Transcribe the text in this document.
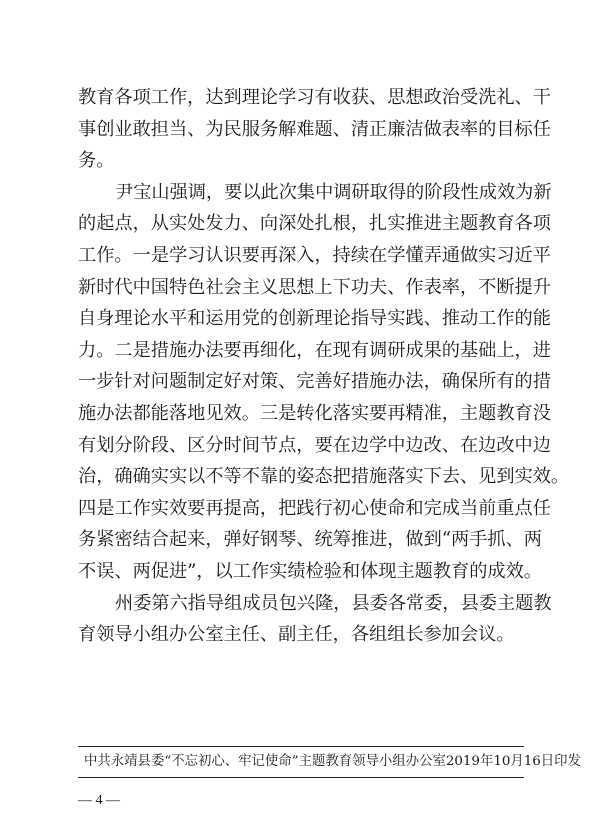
教育各项工作，达到理论学习有收获、思想政治受洗礼、干
事创业敢担当、为民服务解难题、清正廉洁做表率的目标任
务。
尹宝山强调，要以此次集中调研取得的阶段性成效为新
的起点，从实处发力、向深处扎根，扎实推进主题教育各项
工作。一是学习认识要再深入，持续在学懂弄通做实习近平
新时代中国特色社会主义思想上下功夫、作表率，不断提升
自身理论水平和运用党的创新理论指导实践、推动工作的能
力。二是措施办法要再细化，在现有调研成果的基础上，进
一步针对问题制定好对策、完善好措施办法，确保所有的措
施办法都能落地见效。三是转化落实要再精准，主题教育没
有划分阶段、区分时间节点，要在边学中边改、在边改中边
治，确确实实以不等不靠的姿态把措施落实下去、见到实效。
四是工作实效要再提高，把践行初心使命和完成当前重点任
务紧密结合起来，弹好钢琴、统筹推进，做到“两手抓、两
不误、两促进”，以工作实绩检验和体现主题教育的成效。
州委第六指导组成员包兴隆，县委各常委，县委主题教
育领导小组办公室主任、副主任，各组组长参加会议。
中共永靖县委“不忘初心、牢记使命”主题教育领导小组办公室 2019年10月16日印发
— 4 —
